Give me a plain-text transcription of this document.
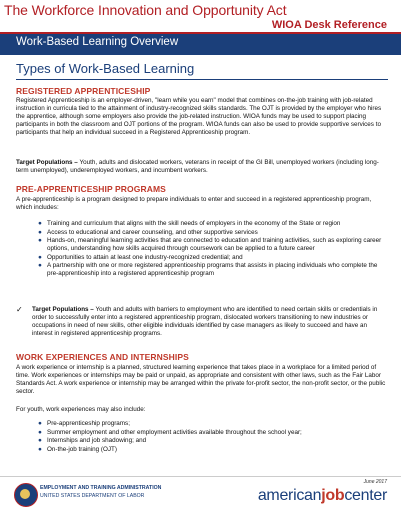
The Workforce Innovation and Opportunity Act
WIOA Desk Reference
Work-Based Learning Overview
Types of Work-Based Learning
REGISTERED APPRENTICESHIP
Registered Apprenticeship is an employer-driven, "learn while you earn" model that combines on-the-job training with job-related instruction in curricula tied to the attainment of industry-recognized skills standards. The OJT is provided by the employer who hires the apprentice, although some employers also provide the job-related instruction. WIOA funds may be used to support placing participants in both the classroom and OJT portions of the program. WIOA funds can also be used to provide supportive services to participants that help an individual succeed in a Registered Apprenticeship program.
Target Populations – Youth, adults and dislocated workers, veterans in receipt of the GI Bill, unemployed workers (including long-term unemployed), underemployed workers, and incumbent workers.
PRE-APPRENTICESHIP PROGRAMS
A pre-apprenticeship is a program designed to prepare individuals to enter and succeed in a registered apprenticeship program, which includes:
● Training and curriculum that aligns with the skill needs of employers in the economy of the State or region
● Access to educational and career counseling, and other supportive services
● Hands-on, meaningful learning activities that are connected to education and training activities, such as exploring career options, understanding how skills acquired through coursework can be applied to a future career
● Opportunities to attain at least one industry-recognized credential; and
● A partnership with one or more registered apprenticeship programs that assists in placing individuals who complete the pre-apprenticeship into a registered apprenticeship program
✓ Target Populations – Youth and adults with barriers to employment who are identified to need certain skills or credentials in order to successfully enter into a registered apprenticeship program, dislocated workers transitioning to new industries or occupations in need of new skills, other eligible individuals identified by case managers as likely to succeed and have an interest in registered apprenticeship programs.
WORK EXPERIENCES AND INTERNSHIPS
A work experience or internship is a planned, structured learning experience that takes place in a workplace for a limited period of time. Work experiences or internships may be paid or unpaid, as appropriate and consistent with other laws, such as the Fair Labor Standards Act. A work experience or internship may be arranged within the private for-profit sector, the non-profit sector, or the public sector.
For youth, work experiences may also include:
● Pre-apprenticeship programs;
● Summer employment and other employment activities available throughout the school year;
● Internships and job shadowing; and
● On-the-job training (OJT)
EMPLOYMENT AND TRAINING ADMINISTRATION
UNITED STATES DEPARTMENT OF LABOR
June 2017
americanjobcenter
